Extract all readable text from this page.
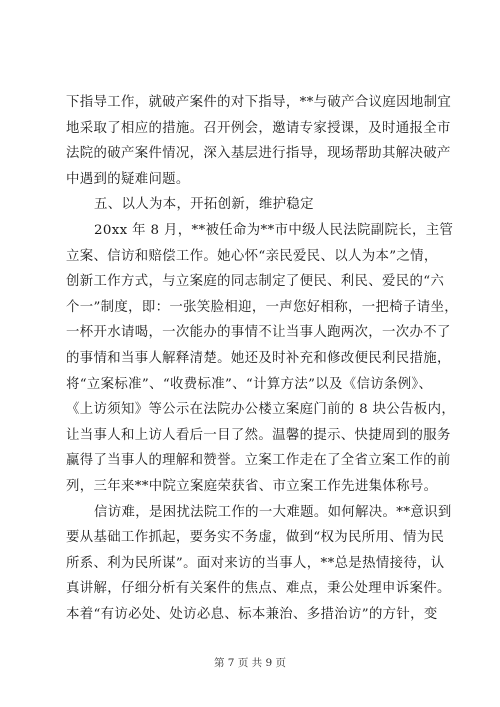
下指导工作，就破产案件的对下指导，**与破产合议庭因地制宜
地采取了相应的措施。召开例会，邀请专家授课，及时通报全市
法院的破产案件情况，深入基层进行指导，现场帮助其解决破产
中遇到的疑难问题。
五、以人为本，开拓创新，维护稳定
20xx 年 8 月，**被任命为**市中级人民法院副院长，主管
立案、信访和赔偿工作。她心怀“亲民爱民、以人为本”之情，
创新工作方式，与立案庭的同志制定了便民、利民、爱民的“六
个一”制度，即：一张笑脸相迎，一声您好相称，一把椅子请坐，
一杯开水请喝，一次能办的事情不让当事人跑两次，一次办不了
的事情和当事人解释清楚。她还及时补充和修改便民利民措施，
将“立案标准”、“收费标准”、“计算方法”以及《信访条例》、
《上访须知》等公示在法院办公楼立案庭门前的 8 块公告板内，
让当事人和上访人看后一目了然。温馨的提示、快捷周到的服务
赢得了当事人的理解和赞誉。立案工作走在了全省立案工作的前
列，三年来**中院立案庭荣获省、市立案工作先进集体称号。
信访难，是困扰法院工作的一大难题。如何解决。**意识到
要从基础工作抓起，要务实不务虚，做到“权为民所用、情为民
所系、利为民所谋”。面对来访的当事人，**总是热情接待，认
真讲解，仔细分析有关案件的焦点、难点，秉公处理申诉案件。
本着“有访必处、处访必息、标本兼治、多措治访”的方针，变
第 7 页 共 9 页
